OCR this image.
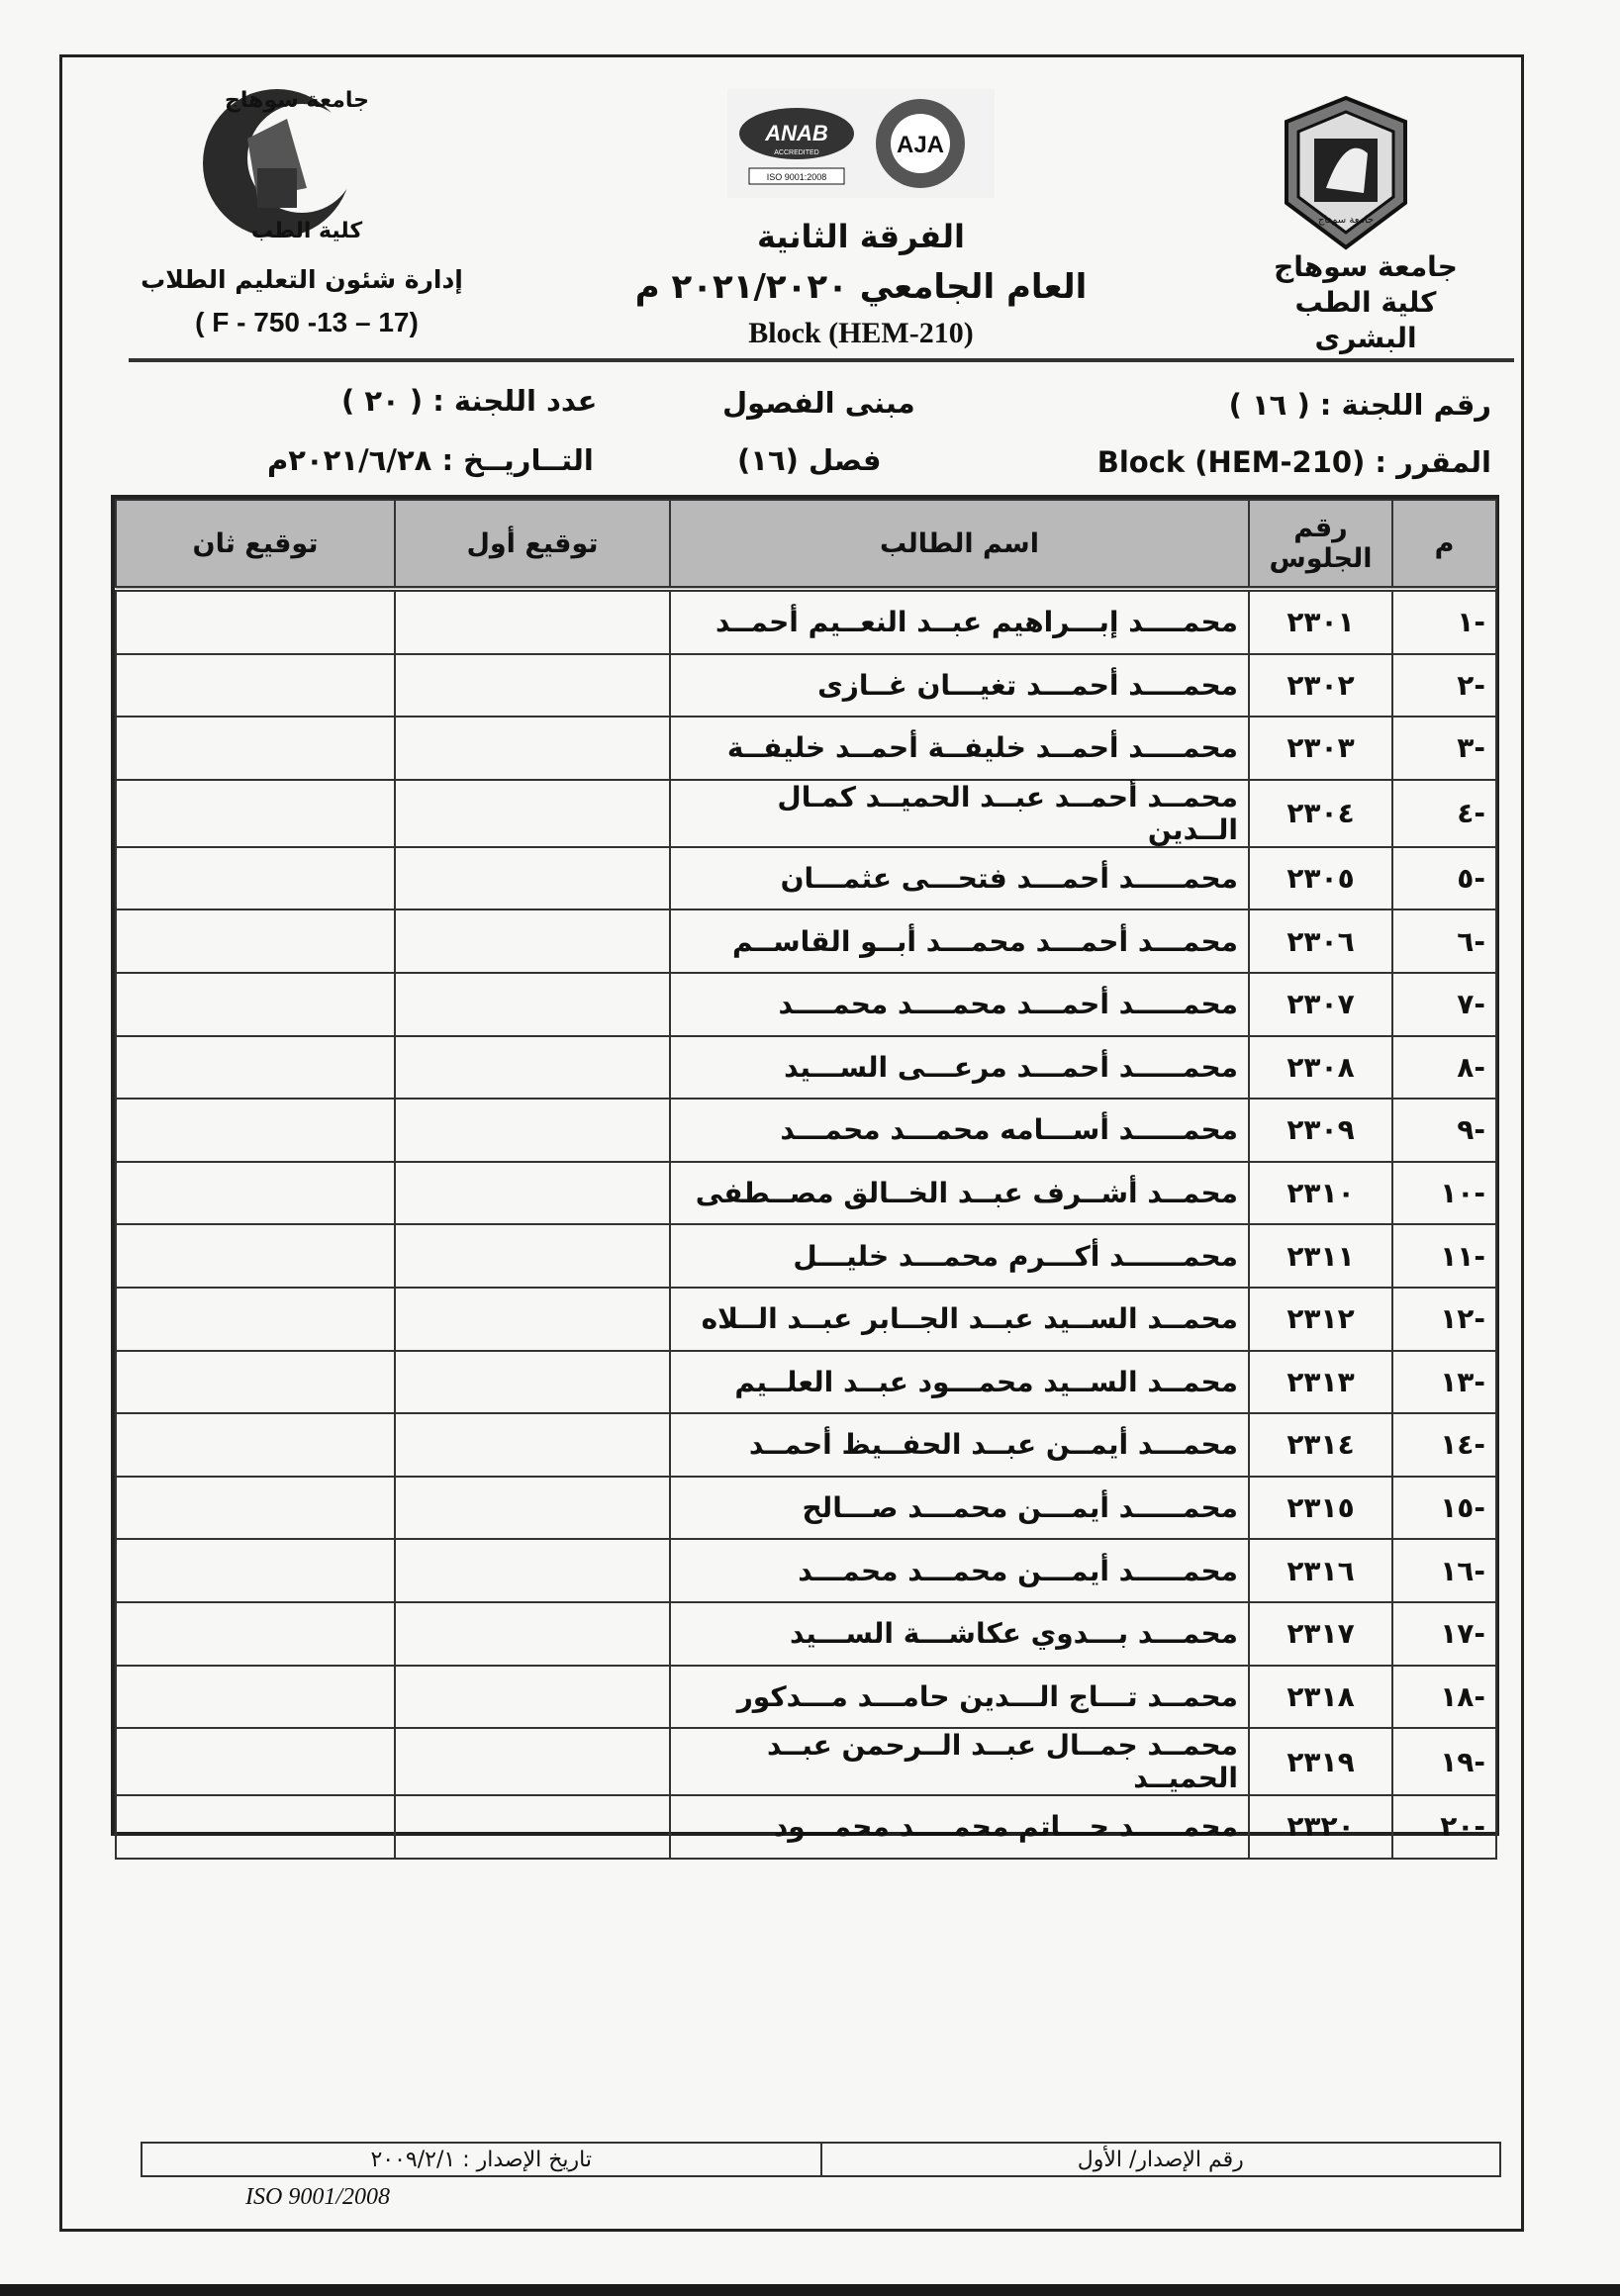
جامعة سوهاج
جامعة سوهاج
كلية الطب
ANAB
ACCREDITED
ISO 9001:2008
AJA
جامعة سوهاج
كلية الطب البشرى
إدارة شئون التعليم الطلاب
( F - 750 -13 – 17)
الفرقة الثانية
العام الجامعي ٢٠٢١/٢٠٢٠ م
Block (HEM-210)
رقم اللجنة : ( ١٦ )
مبنى الفصول
عدد اللجنة : ( ٢٠ )
المقرر : Block (HEM-210)
فصل (١٦)
التــاريــخ : ٢٠٢١/٦/٢٨م
م	رقم الجلوس	اسم الطالب	توقيع أول	توقيع ثان
-١	٢٣٠١	محمــــد إبـــراهيم عبــد النعــيم أحمــد		
-٢	٢٣٠٢	محمــــد أحمـــد تغيـــان غــازى		
-٣	٢٣٠٣	محمــــد أحمــد خليفــة أحمــد خليفــة		
-٤	٢٣٠٤	محمــد أحمــد عبــد الحميــد كمـال الــدين		
-٥	٢٣٠٥	محمـــــد أحمـــد فتحـــى عثمـــان		
-٦	٢٣٠٦	محمـــد أحمـــد محمـــد أبــو القاســم		
-٧	٢٣٠٧	محمـــــد أحمـــد محمــــد محمــــد		
-٨	٢٣٠٨	محمـــــد أحمـــد مرعـــى الســـيد		
-٩	٢٣٠٩	محمـــــد أســـامه محمـــد محمـــد		
-١٠	٢٣١٠	محمــد أشــرف عبــد الخــالق مصــطفى		
-١١	٢٣١١	محمــــــد أكـــرم محمـــد خليـــل		
-١٢	٢٣١٢	محمــد الســيد عبــد الجــابر عبــد الــلاه		
-١٣	٢٣١٣	محمــد الســيد محمـــود عبــد العلــيم		
-١٤	٢٣١٤	محمـــد أيمــن عبــد الحفــيظ أحمــد		
-١٥	٢٣١٥	محمـــــد أيمـــن محمـــد صـــالح		
-١٦	٢٣١٦	محمـــــد أيمـــن محمـــد محمـــد		
-١٧	٢٣١٧	محمـــد بـــدوي عكاشـــة الســـيد		
-١٨	٢٣١٨	محمــد تـــاج الـــدين حامـــد مـــدكور		
-١٩	٢٣١٩	محمــد جمــال عبــد الــرحمن عبــد الحميــد		
-٢٠	٢٣٢٠	محمـــــد حـــاتم محمــــد محمـــود		
رقم الإصدار/ الأول
تاريخ الإصدار : ٢٠٠٩/٢/١
ISO 9001/2008
